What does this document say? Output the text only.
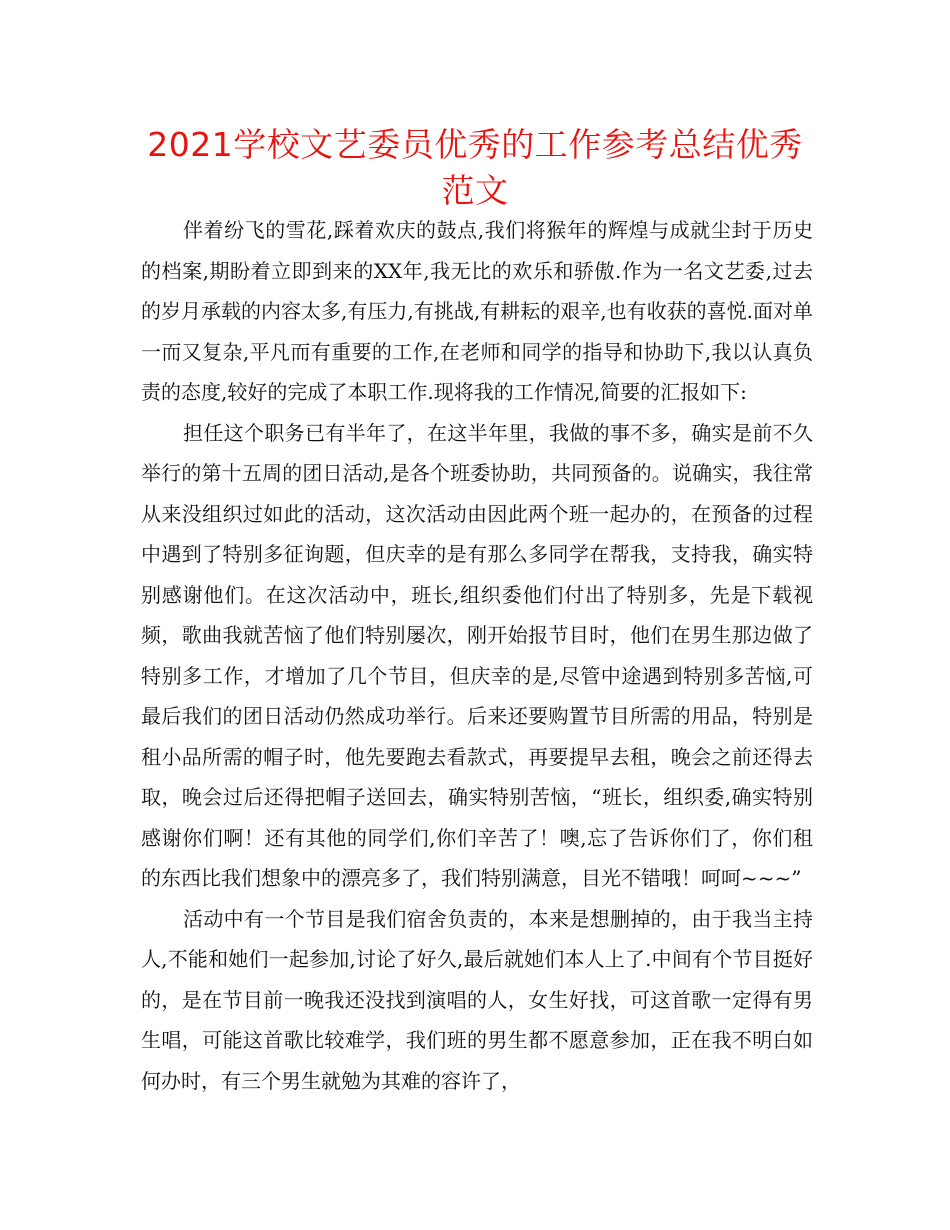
2021学校文艺委员优秀的工作参考总结优秀范文

伴着纷飞的雪花,踩着欢庆的鼓点,我们将猴年的辉煌与成就尘封于历史的档案,期盼着立即到来的XX年,我无比的欢乐和骄傲.作为一名文艺委,过去的岁月承载的内容太多,有压力,有挑战,有耕耘的艰辛,也有收获的喜悦.面对单一而又复杂,平凡而有重要的工作,在老师和同学的指导和协助下,我以认真负责的态度,较好的完成了本职工作.现将我的工作情况,简要的汇报如下:

担任这个职务已有半年了，在这半年里，我做的事不多，确实是前不久举行的第十五周的团日活动,是各个班委协助，共同预备的。说确实，我往常从来没组织过如此的活动，这次活动由因此两个班一起办的，在预备的过程中遇到了特别多征询题，但庆幸的是有那么多同学在帮我，支持我，确实特别感谢他们。在这次活动中，班长,组织委他们付出了特别多，先是下载视频，歌曲我就苦恼了他们特别屡次，刚开始报节目时，他们在男生那边做了特别多工作，才增加了几个节目，但庆幸的是,尽管中途遇到特别多苦恼,可最后我们的团日活动仍然成功举行。后来还要购置节目所需的用品，特别是租小品所需的帽子时，他先要跑去看款式，再要提早去租，晚会之前还得去取，晚会过后还得把帽子送回去，确实特别苦恼，“班长，组织委,确实特别感谢你们啊！还有其他的同学们,你们辛苦了！噢,忘了告诉你们了，你们租的东西比我们想象中的漂亮多了，我们特别满意，目光不错哦！呵呵~~~”

活动中有一个节目是我们宿舍负责的，本来是想删掉的，由于我当主持人,不能和她们一起参加,讨论了好久,最后就她们本人上了.中间有个节目挺好的，是在节目前一晚我还没找到演唱的人，女生好找，可这首歌一定得有男生唱，可能这首歌比较难学，我们班的男生都不愿意参加，正在我不明白如何办时，有三个男生就勉为其难的容许了，
